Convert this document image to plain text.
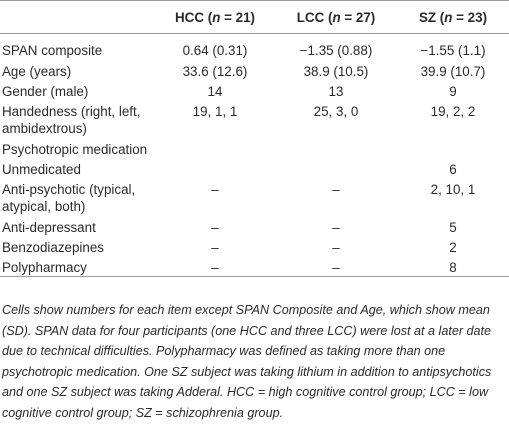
	HCC (n = 21)	LCC (n = 27)	SZ (n = 23)
SPAN composite	0.64 (0.31)	−1.35 (0.88)	−1.55 (1.1)
Age (years)	33.6 (12.6)	38.9 (10.5)	39.9 (10.7)
Gender (male)	14	13	9
Handedness (right, left, ambidextrous)	19, 1, 1	25, 3, 0	19, 2, 2
Psychotropic medication			
Unmedicated			6
Anti-psychotic (typical, atypical, both)	–	–	2, 10, 1
Anti-depressant	–	–	5
Benzodiazepines	–	–	2
Polypharmacy	–	–	8

Cells show numbers for each item except SPAN Composite and Age, which show mean (SD). SPAN data for four participants (one HCC and three LCC) were lost at a later date due to technical difficulties. Polypharmacy was defined as taking more than one psychotropic medication. One SZ subject was taking lithium in addition to antipsychotics and one SZ subject was taking Adderal. HCC = high cognitive control group; LCC = low cognitive control group; SZ = schizophrenia group.
